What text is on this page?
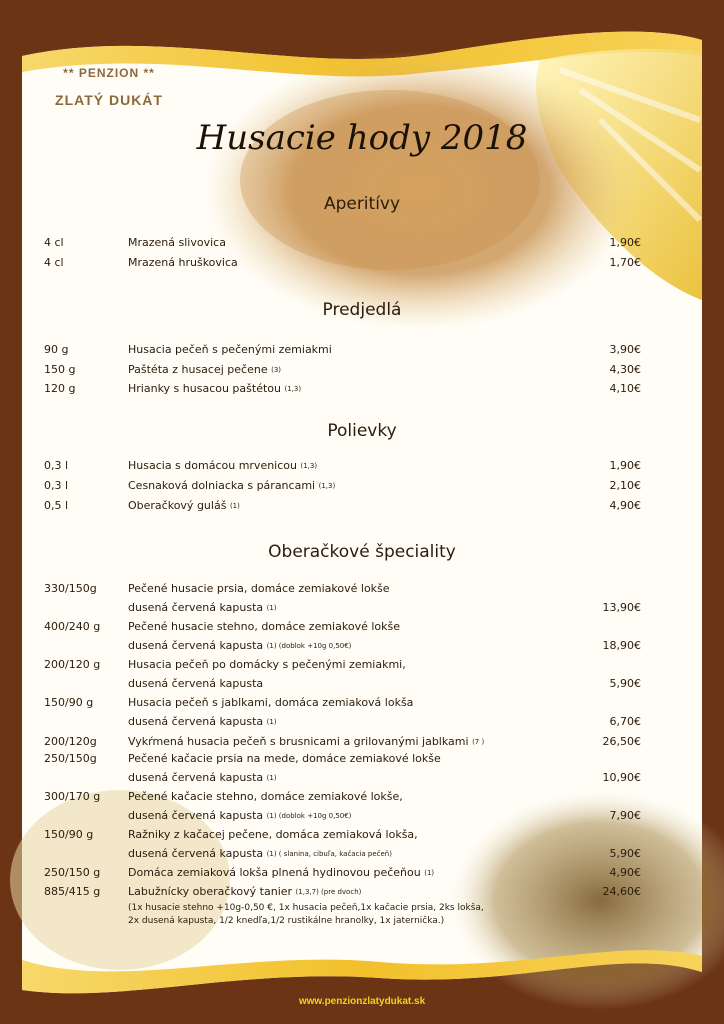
** PENZION **
ZLATÝ DUKÁT
Husacie hody 2018
Aperitívy
4 cl	Mrazená slivovica	1,90€
4 cl	Mrazená hruškovica	1,70€
Predjedlá
90 g	Husacia pečeň s pečenými zemiakmi	3,90€
150 g	Paštéta z husacej pečene (3)	4,30€
120 g	Hrianky s husacou paštétou (1,3)	4,10€
Polievky
0,3 l	Husacia s domácou mrvenicou (1,3)	1,90€
0,3 l	Cesnaková dolniacka s párancami (1,3)	2,10€
0,5 l	Oberačkový guláš (1)	4,90€
Oberačkové špeciality
330/150g	Pečené husacie prsia, domáce zemiakové lokše
dusená červená kapusta (1)	13,90€
400/240 g	Pečené husacie stehno, domáce zemiakové lokše
dusená červená kapusta (1) (doblok +10g 0,50€)	18,90€
200/120 g	Husacia pečeň po domácky s pečenými zemiakmi,
dusená červená kapusta	5,90€
150/90 g	Husacia pečeň s jablkami, domáca zemiaková lokša
dusená červená kapusta (1)	6,70€
200/120g	Vykŕmená husacia pečeň s brusnicami a grilovanými jablkami (7 )	26,50€
250/150g	Pečené kačacie prsia na mede, domáce zemiakové lokše
dusená červená kapusta (1)	10,90€
300/170 g	Pečené kačacie stehno, domáce zemiakové lokše,
dusená červená kapusta (1) (doblok +10g 0,50€)	7,90€
150/90 g	Ražniky z kačacej pečene, domáca zemiaková lokša,
dusená červená kapusta (1) ( slanina, cibuľa, kačacia pečeň)	5,90€
250/150 g	Domáca zemiaková lokša plnená hydinovou pečeňou (1)	4,90€
885/415 g	Labužnícky oberačkový tanier (1,3,7) (pre dvoch)	24,60€
(1x husacie stehno +10g-0,50 €, 1x husacia pečeň,1x kačacie prsia, 2ks lokša,
2x dusená kapusta, 1/2 knedľa,1/2 rustikálne hranolky, 1x jaternička.)
www.penzionzlatydukat.sk
